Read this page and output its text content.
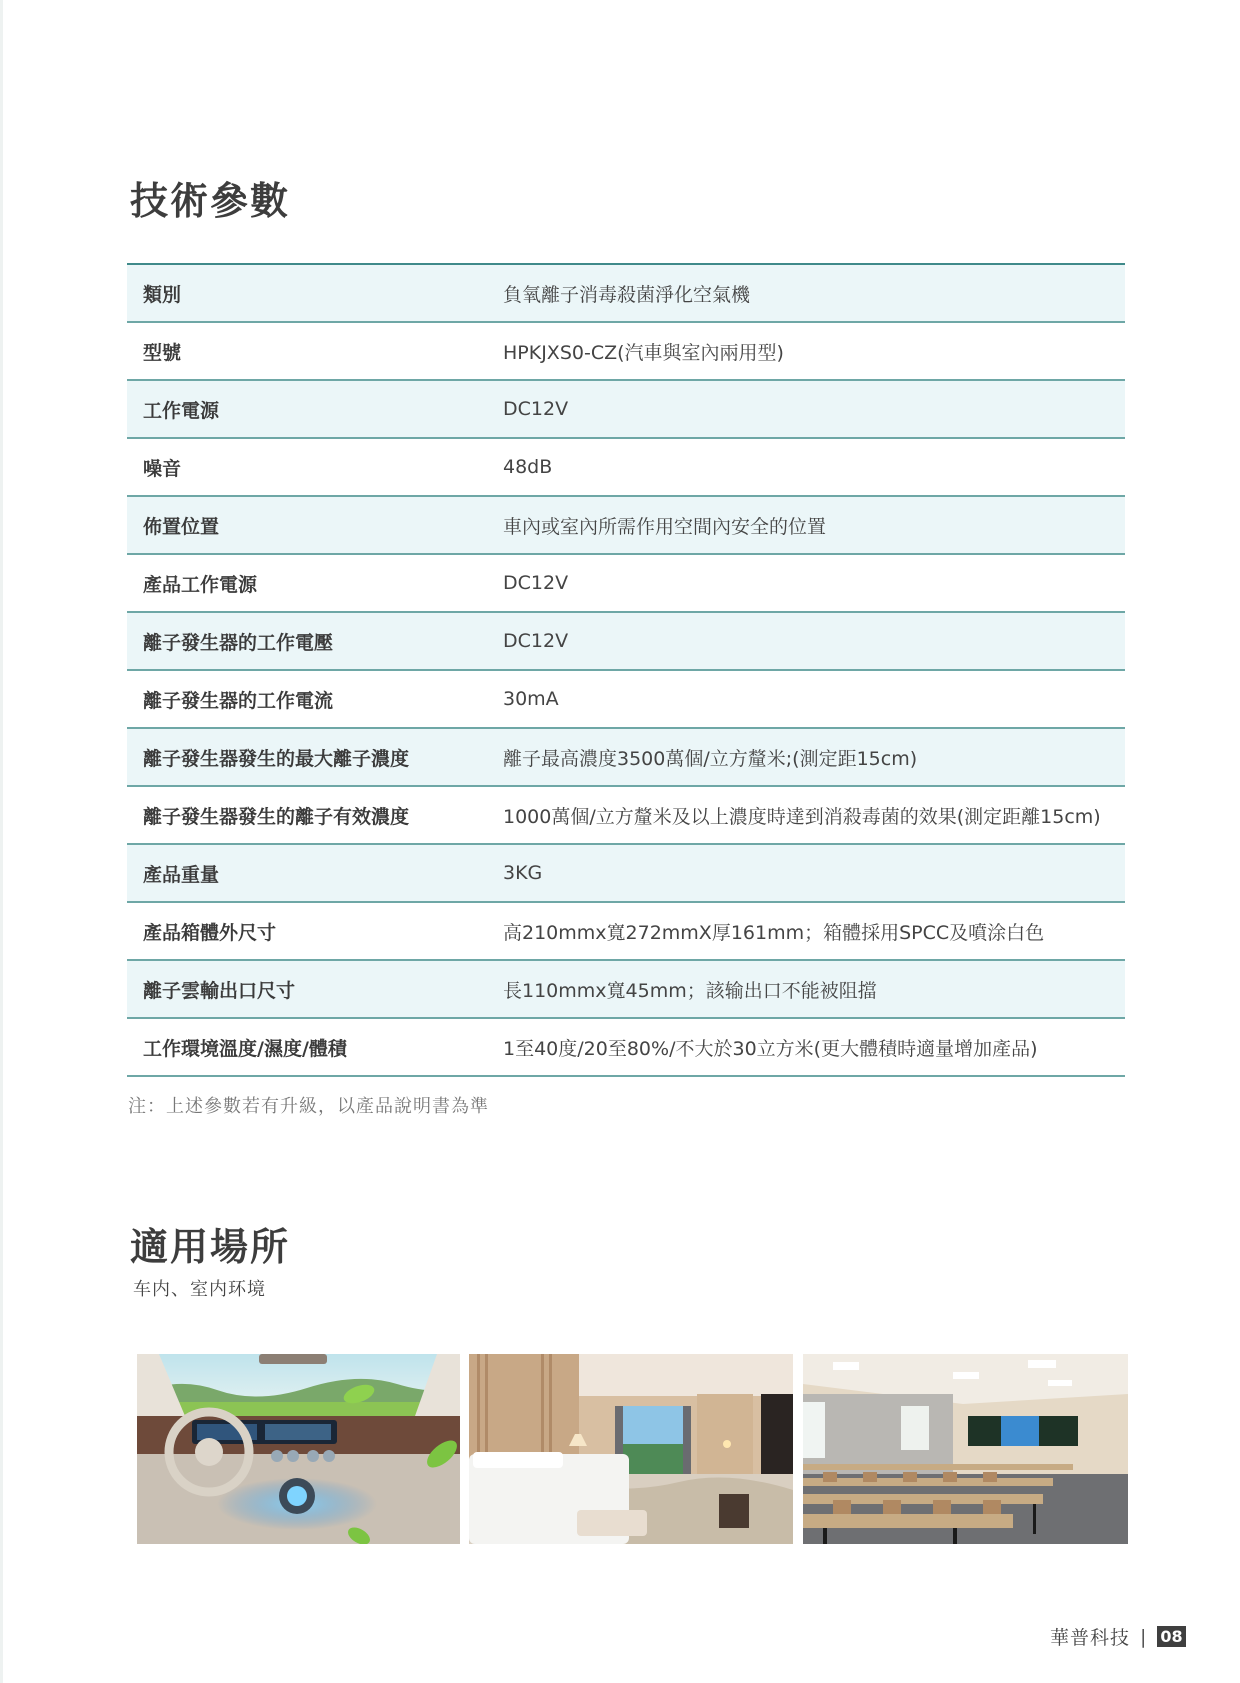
技術參數
類別	負氧離子消毒殺菌淨化空氣機
型號	HPKJXS0-CZ(汽車與室內兩用型)
工作電源	DC12V
噪音	48dB
佈置位置	車內或室內所需作用空間內安全的位置
產品工作電源	DC12V
離子發生器的工作電壓	DC12V
離子發生器的工作電流	30mA
離子發生器發生的最大離子濃度	離子最高濃度3500萬個/立方釐米;(測定距15cm)
離子發生器發生的離子有效濃度	1000萬個/立方釐米及以上濃度時達到消殺毒菌的效果(測定距離15cm)
產品重量	3KG
產品箱體外尺寸	高210mmx寬272mmX厚161mm；箱體採用SPCC及噴涂白色
離子雲輸出口尺寸	長110mmx寬45mm；該输出口不能被阻擋
工作環境溫度/濕度/體積	1至40度/20至80%/不大於30立方米(更大體積時適量增加產品)
注：上述參數若有升級，以產品說明書為準
適用場所
车内、室内环境
華普科技 | 08
